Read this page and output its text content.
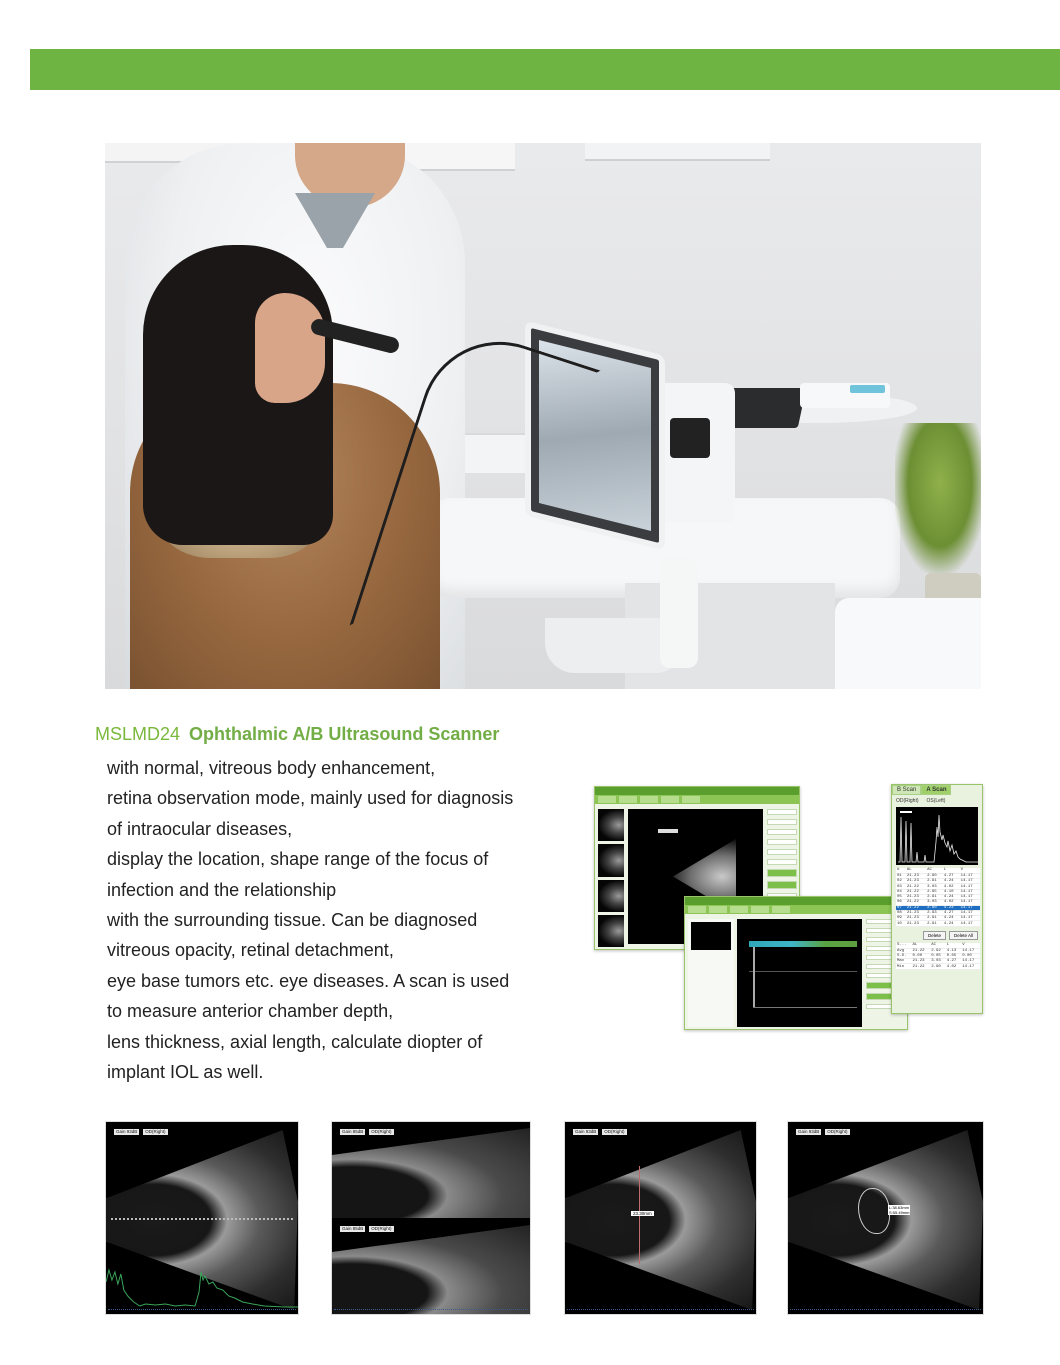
MSLMD24 Ophthalmic A/B Ultrasound Scanner

with normal, vitreous body enhancement,

retina observation mode, mainly used for diagnosis

of intraocular diseases,

display the location, shape range of the focus of

infection and the relationship

with the surrounding tissue. Can be diagnosed

vitreous opacity, retinal detachment,

eye base tumors etc. eye diseases. A scan is used

to measure anterior chamber depth,

lens thickness, axial length, calculate diopter of

implant IOL as well.

B Scan	A Scan
OD(Right) OS(Left)
#	AL	AC	L	V
01	21.23	2.90	4.27	14.17
02	21.23	2.91	4.24	14.17
03	21.22	3.03	4.02	14.17
04	21.22	2.95	4.10	14.17
05	21.23	2.91	4.24	14.17
06	21.22	3.03	4.02	14.17
07	21.22	2.90	4.23	14.17
08	21.23	2.93	4.27	14.17
09	21.23	2.91	4.24	14.17
10	21.23	2.91	4.24	14.17
Delete	Delete All
S...	AL	AC	L	V
Avg	21.22	2.92	4.13	14.17
S.D.	0.00	0.05	0.05	0.00
Max	21.23	3.03	4.27	14.17
Min	21.22	2.90	4.02	14.17
Gain 93dB	OD(Right)	Gain 85dB	OD(Right)
Gain 85dB	OD(Right)
23.30mm
Gain 93dB	OD(Right)
L:38.63mm
S:55.49mm
Gain 93dB	OD(Right)
